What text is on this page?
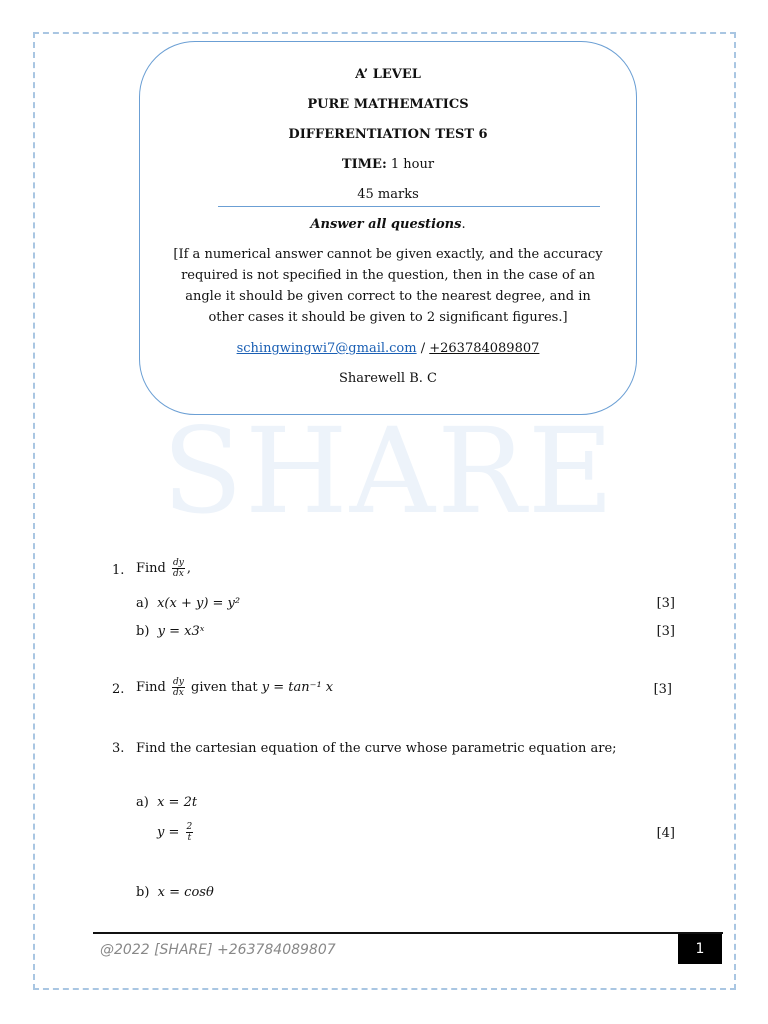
SHARE
A’ LEVEL
PURE MATHEMATICS
DIFFERENTIATION TEST 6
TIME: 1 hour
45 marks
Answer all questions.
[If a numerical answer cannot be given exactly, and the accuracy required is not specified in the question, then in the case of an angle it should be given correct to the nearest degree, and in other cases it should be given to 2 significant figures.]
schingwingwi7@gmail.com / +263784089807
Sharewell B. C
1. Find $\frac{dy}{dx}$ ,
a) x(x + y) = y²	[3]
b) y = x3ˣ	[3]
2. Find $\frac{dy}{dx}$ given that y = tan⁻¹ x	[3]
3. Find the cartesian equation of the curve whose parametric equation are;
a) x = 2t
$y = \frac{2}{t}$	[4]
b) x = cosθ
@2022 [SHARE] +263784089807	1
